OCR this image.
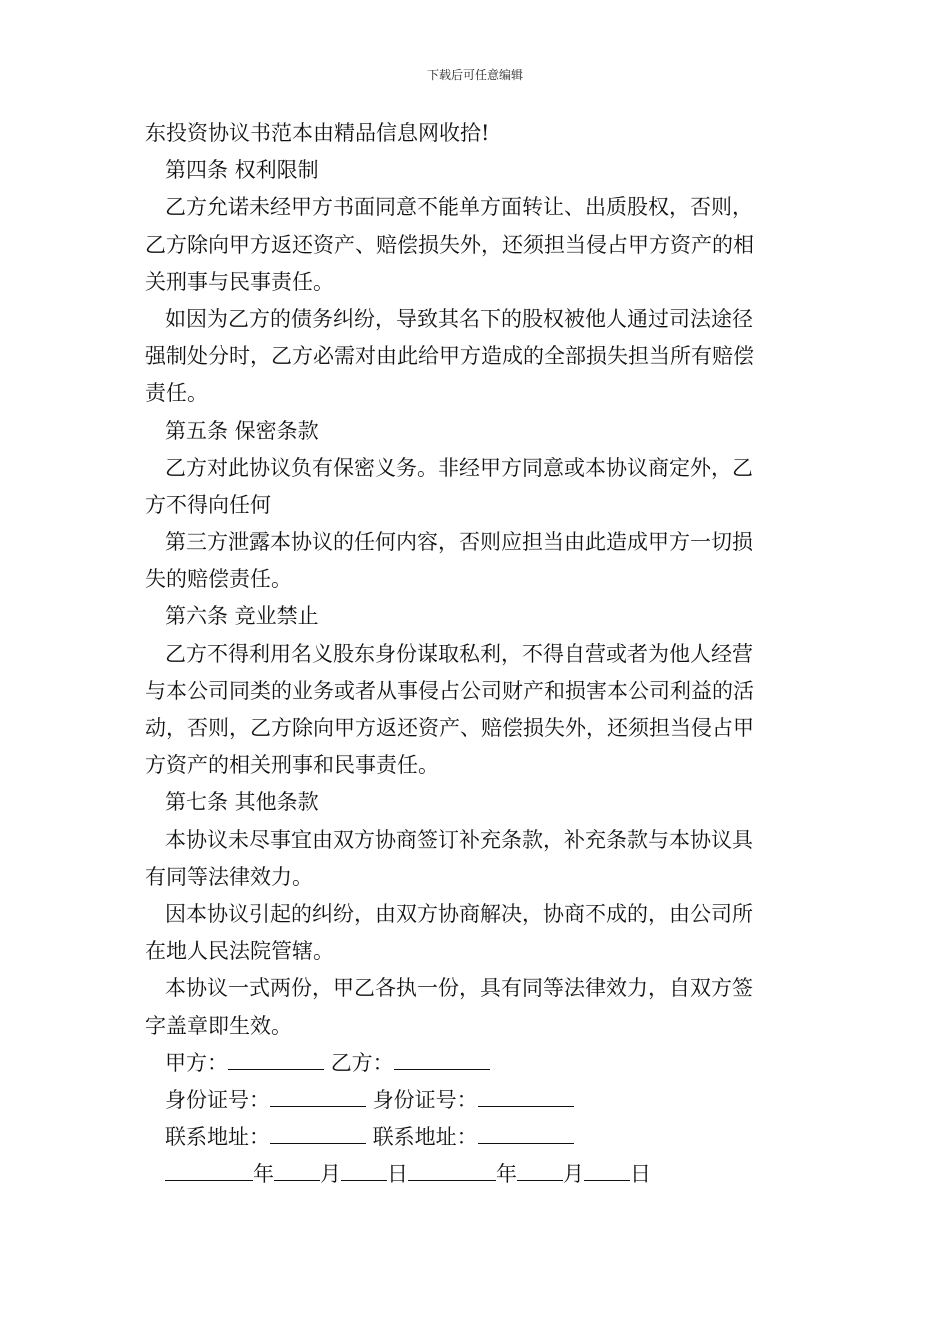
下载后可任意编辑
东投资协议书范本由精品信息网收拾!
第四条 权利限制
乙方允诺未经甲方书面同意不能单方面转让、出质股权，否则，
乙方除向甲方返还资产、赔偿损失外，还须担当侵占甲方资产的相
关刑事与民事责任。
如因为乙方的债务纠纷，导致其名下的股权被他人通过司法途径
强制处分时，乙方必需对由此给甲方造成的全部损失担当所有赔偿
责任。
第五条 保密条款
乙方对此协议负有保密义务。非经甲方同意或本协议商定外，乙
方不得向任何
第三方泄露本协议的任何内容，否则应担当由此造成甲方一切损
失的赔偿责任。
第六条 竞业禁止
乙方不得利用名义股东身份谋取私利，不得自营或者为他人经营
与本公司同类的业务或者从事侵占公司财产和损害本公司利益的活
动，否则，乙方除向甲方返还资产、赔偿损失外，还须担当侵占甲
方资产的相关刑事和民事责任。
第七条 其他条款
本协议未尽事宜由双方协商签订补充条款，补充条款与本协议具
有同等法律效力。
因本协议引起的纠纷，由双方协商解决，协商不成的，由公司所
在地人民法院管辖。
本协议一式两份，甲乙各执一份，具有同等法律效力，自双方签
字盖章即生效。
甲方：	乙方：
身份证号：	身份证号：
联系地址：	联系地址：
年 月 日	年 月 日
